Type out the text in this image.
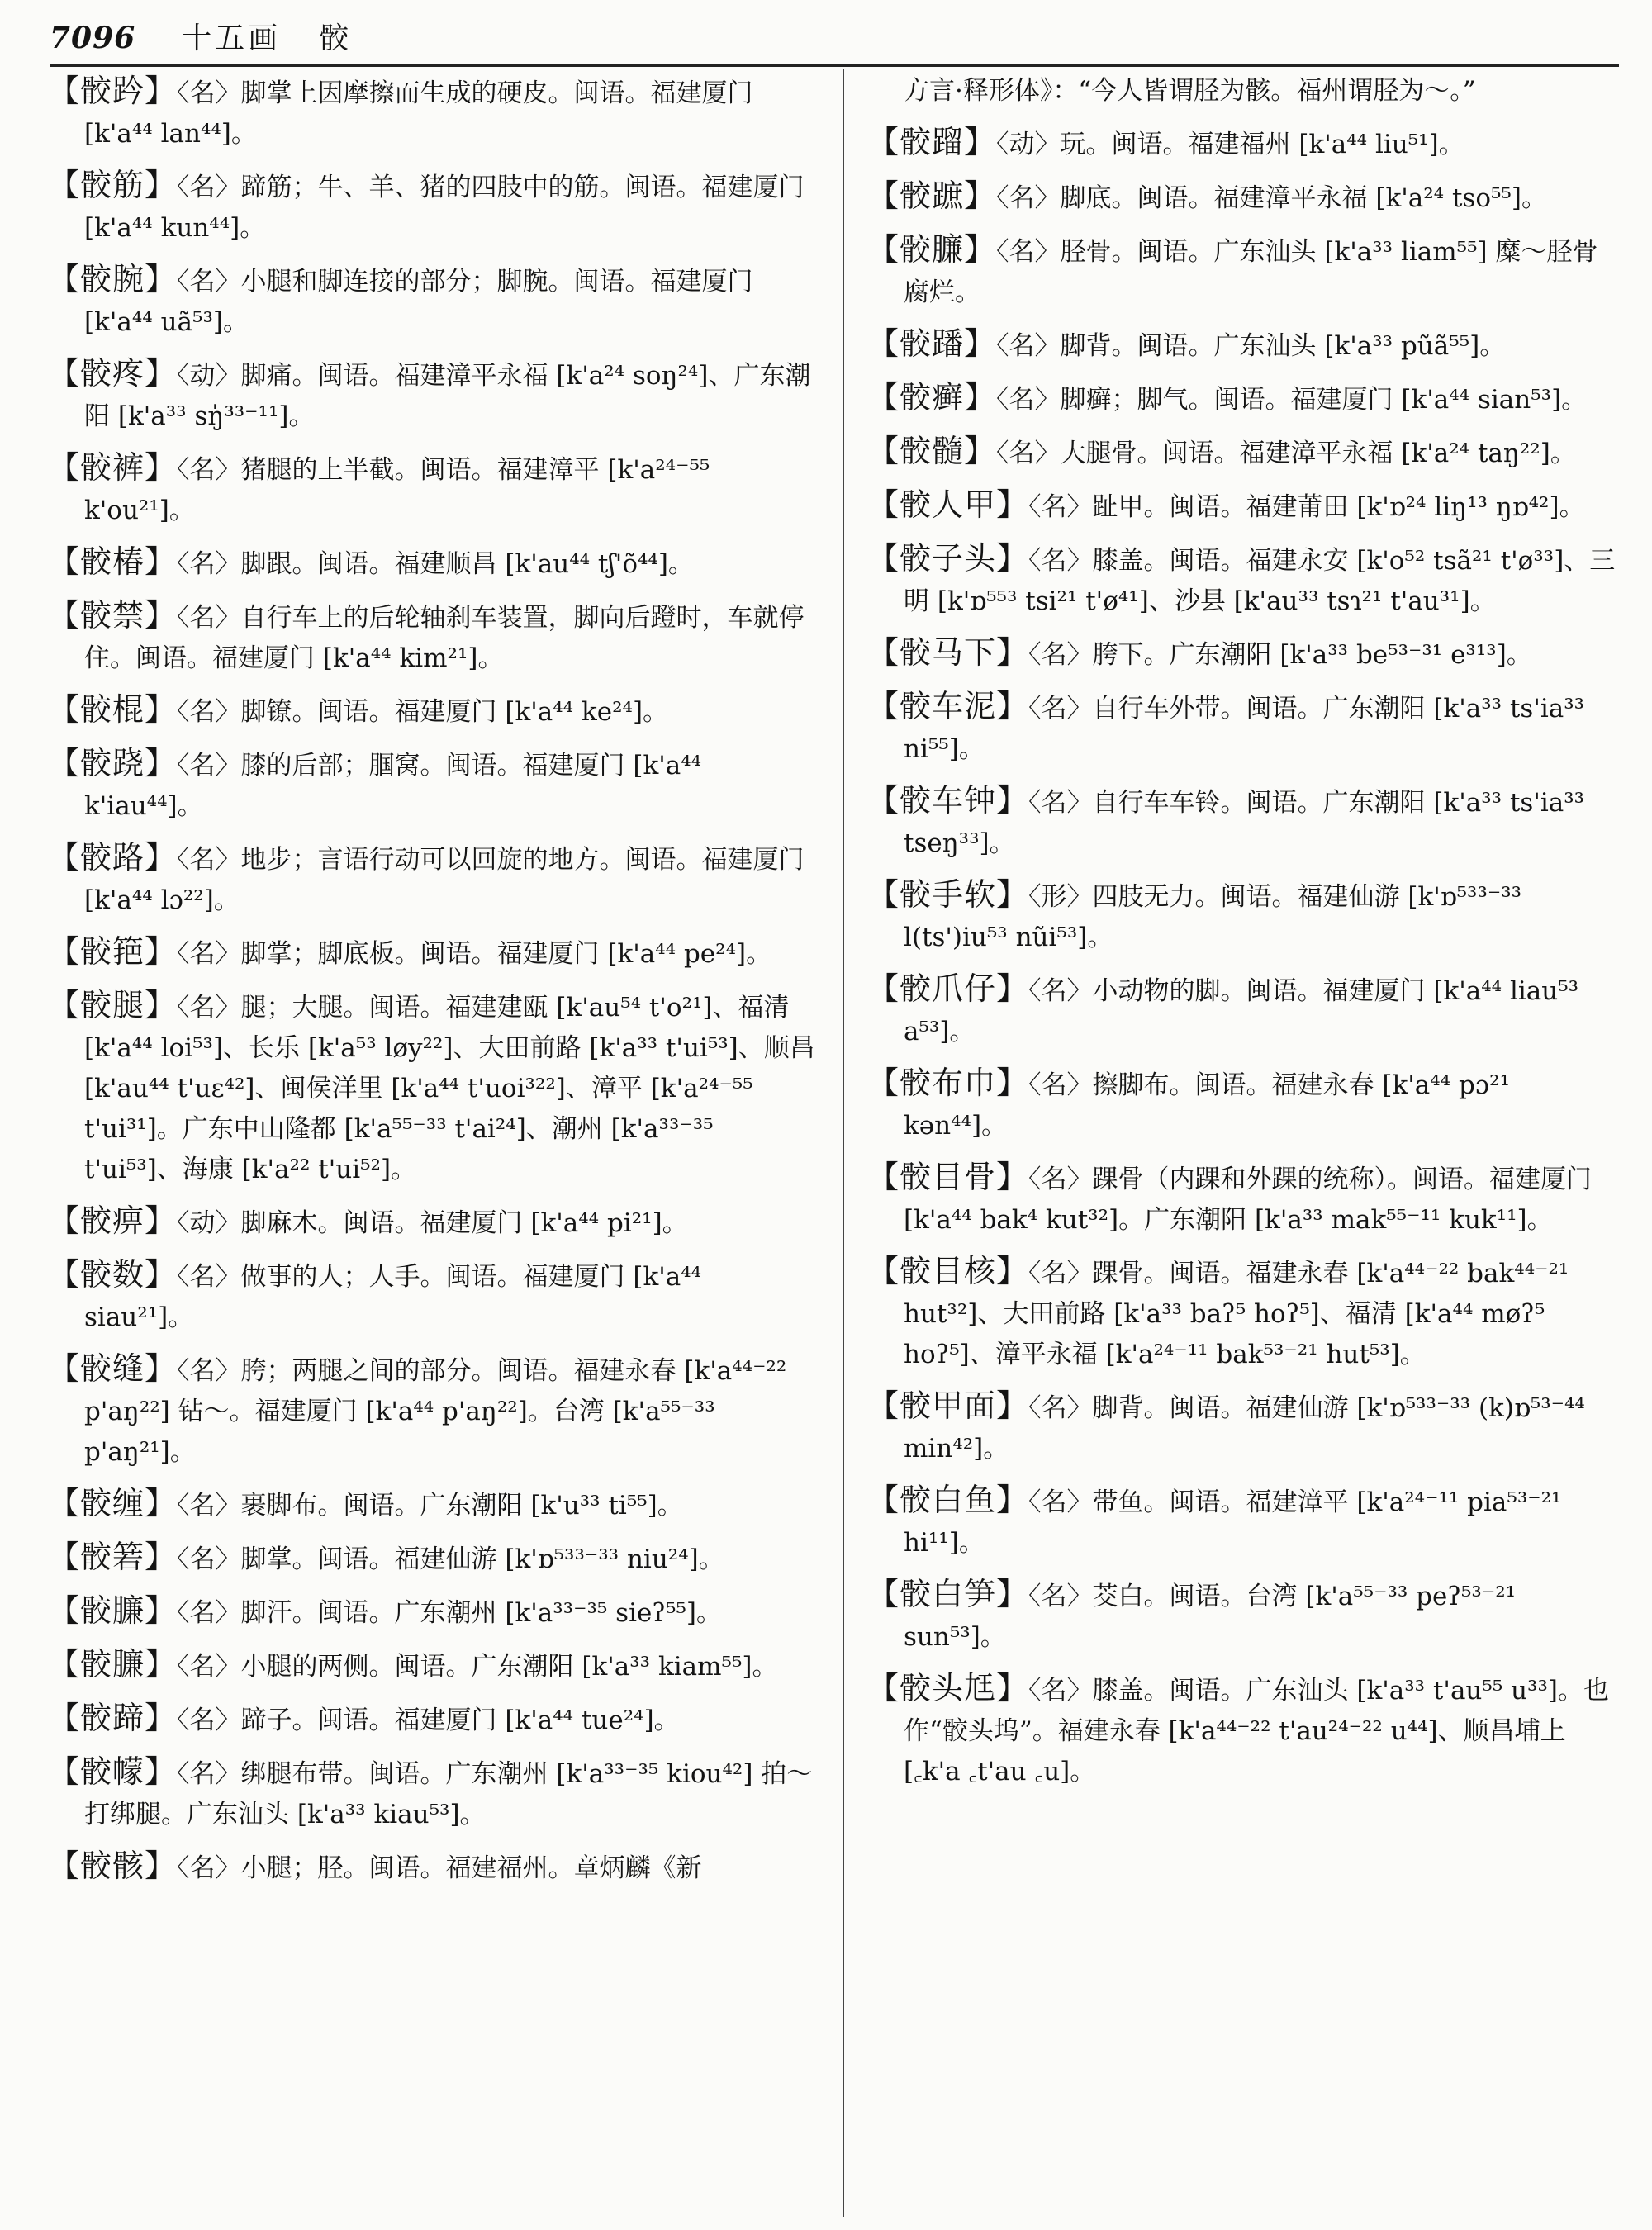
7096 十五画 骹

【骹趻】〈名〉脚掌上因摩擦而生成的硬皮。闽语。福建厦门 [k'a⁴⁴ lan⁴⁴]。

【骹筋】〈名〉蹄筋；牛、羊、猪的四肢中的筋。闽语。福建厦门 [k'a⁴⁴ kun⁴⁴]。

【骹腕】〈名〉小腿和脚连接的部分；脚腕。闽语。福建厦门 [k'a⁴⁴ uã⁵³]。

【骹疼】〈动〉脚痛。闽语。福建漳平永福 [k'a²⁴ soŋ²⁴]、广东潮阳 [k'a³³ sŋ̍³³⁻¹¹]。

【骹裤】〈名〉猪腿的上半截。闽语。福建漳平 [k'a²⁴⁻⁵⁵ k'ou²¹]。

【骹椿】〈名〉脚跟。闽语。福建顺昌 [k'au⁴⁴ tʃ'õ⁴⁴]。

【骹禁】〈名〉自行车上的后轮轴刹车装置，脚向后蹬时，车就停住。闽语。福建厦门 [k'a⁴⁴ kim²¹]。

【骹棍】〈名〉脚镣。闽语。福建厦门 [k'a⁴⁴ ke²⁴]。

【骹跷】〈名〉膝的后部；腘窝。闽语。福建厦门 [k'a⁴⁴ k'iau⁴⁴]。

【骹路】〈名〉地步；言语行动可以回旋的地方。闽语。福建厦门 [k'a⁴⁴ lɔ²²]。

【骹筢】〈名〉脚掌；脚底板。闽语。福建厦门 [k'a⁴⁴ pe²⁴]。

【骹腿】〈名〉腿；大腿。闽语。福建建瓯 [k'au⁵⁴ t'o²¹]、福清 [k'a⁴⁴ loi⁵³]、长乐 [k'a⁵³ løy²²]、大田前路 [k'a³³ t'ui⁵³]、顺昌 [k'au⁴⁴ t'uɛ⁴²]、闽侯洋里 [k'a⁴⁴ t'uoi³²²]、漳平 [k'a²⁴⁻⁵⁵ t'ui³¹]。广东中山隆都 [k'a⁵⁵⁻³³ t'ai²⁴]、潮州 [k'a³³⁻³⁵ t'ui⁵³]、海康 [k'a²² t'ui⁵²]。

【骹痹】〈动〉脚麻木。闽语。福建厦门 [k'a⁴⁴ pi²¹]。

【骹数】〈名〉做事的人；人手。闽语。福建厦门 [k'a⁴⁴ siau²¹]。

【骹缝】〈名〉胯；两腿之间的部分。闽语。福建永春 [k'a⁴⁴⁻²² p'aŋ²²] 钻～。福建厦门 [k'a⁴⁴ p'aŋ²²]。台湾 [k'a⁵⁵⁻³³ p'aŋ²¹]。

【骹缠】〈名〉裹脚布。闽语。广东潮阳 [k'u³³ ti⁵⁵]。

【骹箬】〈名〉脚掌。闽语。福建仙游 [k'ɒ⁵³³⁻³³ niu²⁴]。

【骹臁】〈名〉脚汗。闽语。广东潮州 [k'a³³⁻³⁵ sieʔ⁵⁵]。

【骹臁】〈名〉小腿的两侧。闽语。广东潮阳 [k'a³³ kiam⁵⁵]。

【骹蹄】〈名〉蹄子。闽语。福建厦门 [k'a⁴⁴ tue²⁴]。

【骹幪】〈名〉绑腿布带。闽语。广东潮州 [k'a³³⁻³⁵ kiou⁴²] 拍～打绑腿。广东汕头 [k'a³³ kiau⁵³]。

【骹骸】〈名〉小腿；胫。闽语。福建福州。章炳麟《新

方言·释形体》：“今人皆谓胫为骸。福州谓胫为～。”

【骹蹓】〈动〉玩。闽语。福建福州 [k'a⁴⁴ liu⁵¹]。

【骹蹠】〈名〉脚底。闽语。福建漳平永福 [k'a²⁴ tso⁵⁵]。

【骹臁】〈名〉胫骨。闽语。广东汕头 [k'a³³ liam⁵⁵] 糜～胫骨腐烂。

【骹蹯】〈名〉脚背。闽语。广东汕头 [k'a³³ pũã⁵⁵]。

【骹癣】〈名〉脚癣；脚气。闽语。福建厦门 [k'a⁴⁴ sian⁵³]。

【骹髓】〈名〉大腿骨。闽语。福建漳平永福 [k'a²⁴ taŋ²²]。

【骹人甲】〈名〉趾甲。闽语。福建莆田 [k'ɒ²⁴ liŋ¹³ ŋɒ⁴²]。

【骹子头】〈名〉膝盖。闽语。福建永安 [k'o⁵² tsã²¹ t'ø³³]、三明 [k'ɒ⁵⁵³ tsi²¹ t'ø⁴¹]、沙县 [k'au³³ tsɿ²¹ t'au³¹]。

【骹马下】〈名〉胯下。广东潮阳 [k'a³³ be⁵³⁻³¹ e³¹³]。

【骹车泥】〈名〉自行车外带。闽语。广东潮阳 [k'a³³ ts'ia³³ ni⁵⁵]。

【骹车钟】〈名〉自行车车铃。闽语。广东潮阳 [k'a³³ ts'ia³³ tseŋ³³]。

【骹手软】〈形〉四肢无力。闽语。福建仙游 [k'ɒ⁵³³⁻³³ l(ts')iu⁵³ nũi⁵³]。

【骹爪仔】〈名〉小动物的脚。闽语。福建厦门 [k'a⁴⁴ liau⁵³ a⁵³]。

【骹布巾】〈名〉擦脚布。闽语。福建永春 [k'a⁴⁴ pɔ²¹ kən⁴⁴]。

【骹目骨】〈名〉踝骨（内踝和外踝的统称）。闽语。福建厦门 [k'a⁴⁴ bak⁴ kut³²]。广东潮阳 [k'a³³ mak⁵⁵⁻¹¹ kuk¹¹]。

【骹目核】〈名〉踝骨。闽语。福建永春 [k'a⁴⁴⁻²² bak⁴⁴⁻²¹ hut³²]、大田前路 [k'a³³ baʔ⁵ hoʔ⁵]、福清 [k'a⁴⁴ møʔ⁵ hoʔ⁵]、漳平永福 [k'a²⁴⁻¹¹ bak⁵³⁻²¹ hut⁵³]。

【骹甲面】〈名〉脚背。闽语。福建仙游 [k'ɒ⁵³³⁻³³ (k)ɒ⁵³⁻⁴⁴ min⁴²]。

【骹白鱼】〈名〉带鱼。闽语。福建漳平 [k'a²⁴⁻¹¹ pia⁵³⁻²¹ hi¹¹]。

【骹白笋】〈名〉茭白。闽语。台湾 [k'a⁵⁵⁻³³ peʔ⁵³⁻²¹ sun⁵³]。

【骹头尪】〈名〉膝盖。闽语。广东汕头 [k'a³³ t'au⁵⁵ u³³]。也作“骹头坞”。福建永春 [k'a⁴⁴⁻²² t'au²⁴⁻²² u⁴⁴]、顺昌埔上 [꜀k'a ꜀t'au ꜀u]。
